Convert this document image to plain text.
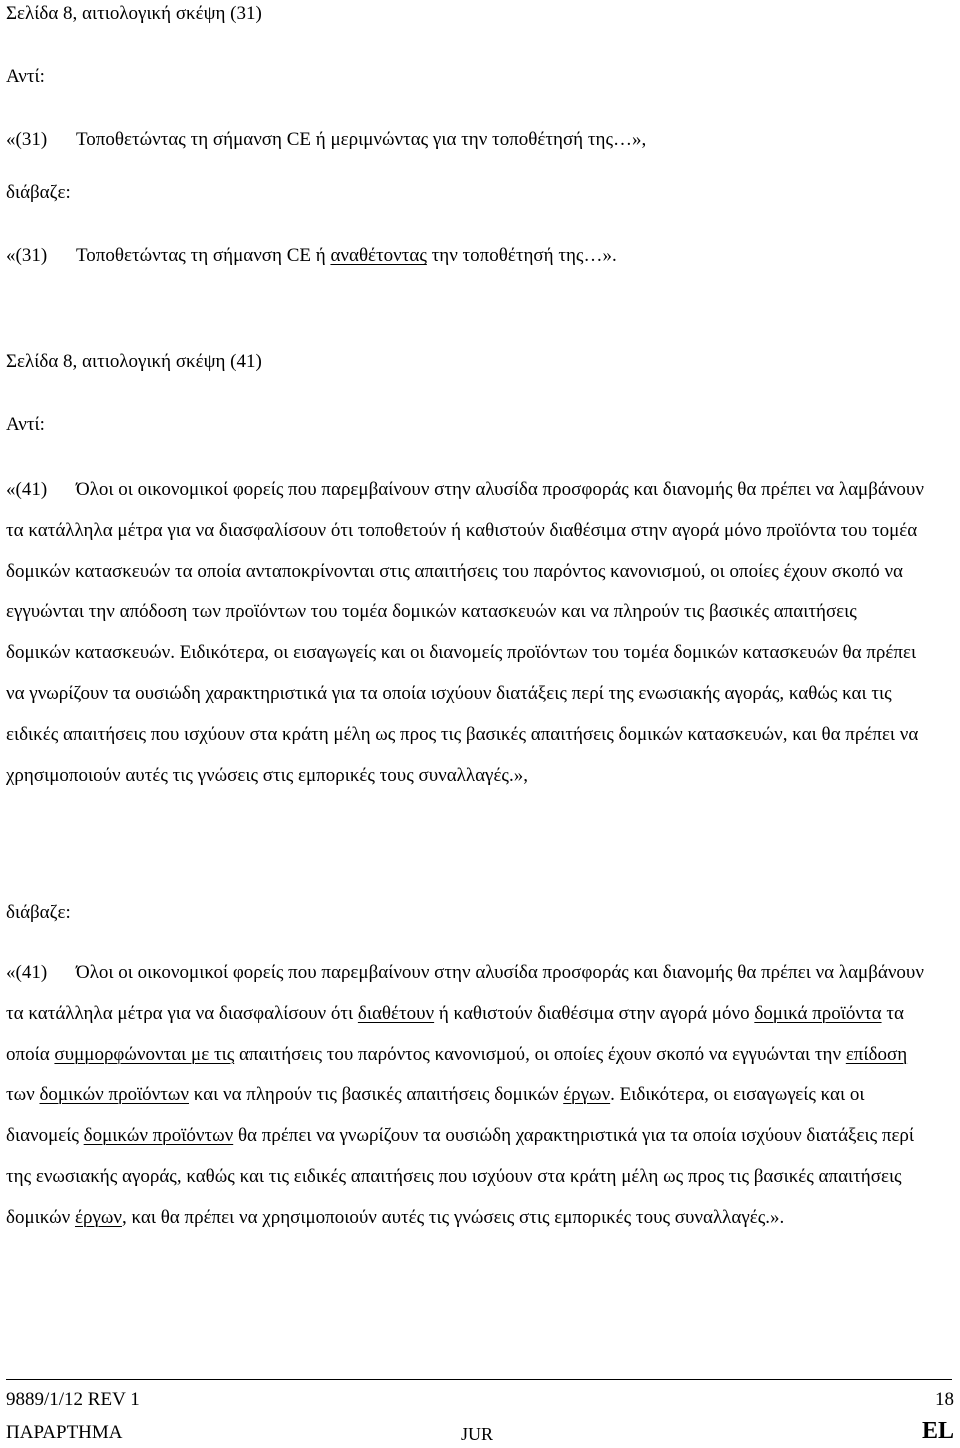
Σελίδα 8, αιτιολογική σκέψη (31)
Αντί:
«(31) Τοποθετώντας τη σήμανση CE ή μεριμνώντας για την τοποθέτησή της…»,
διάβαζε:
«(31) Τοποθετώντας τη σήμανση CE ή αναθέτοντας την τοποθέτησή της…».
Σελίδα 8, αιτιολογική σκέψη (41)
Αντί:
«(41) Όλοι οι οικονομικοί φορείς που παρεμβαίνουν στην αλυσίδα προσφοράς και διανομής θα πρέπει να λαμβάνουν τα κατάλληλα μέτρα για να διασφαλίσουν ότι τοποθετούν ή καθιστούν διαθέσιμα στην αγορά μόνο προϊόντα του τομέα δομικών κατασκευών τα οποία ανταποκρίνονται στις απαιτήσεις του παρόντος κανονισμού, οι οποίες έχουν σκοπό να εγγυώνται την απόδοση των προϊόντων του τομέα δομικών κατασκευών και να πληρούν τις βασικές απαιτήσεις δομικών κατασκευών. Ειδικότερα, οι εισαγωγείς και οι διανομείς προϊόντων του τομέα δομικών κατασκευών θα πρέπει να γνωρίζουν τα ουσιώδη χαρακτηριστικά για τα οποία ισχύουν διατάξεις περί της ενωσιακής αγοράς, καθώς και τις ειδικές απαιτήσεις που ισχύουν στα κράτη μέλη ως προς τις βασικές απαιτήσεις δομικών κατασκευών, και θα πρέπει να χρησιμοποιούν αυτές τις γνώσεις στις εμπορικές τους συναλλαγές.»,
διάβαζε:
«(41) Όλοι οι οικονομικοί φορείς που παρεμβαίνουν στην αλυσίδα προσφοράς και διανομής θα πρέπει να λαμβάνουν τα κατάλληλα μέτρα για να διασφαλίσουν ότι διαθέτουν ή καθιστούν διαθέσιμα στην αγορά μόνο δομικά προϊόντα τα οποία συμμορφώνονται με τις απαιτήσεις του παρόντος κανονισμού, οι οποίες έχουν σκοπό να εγγυώνται την επίδοση των δομικών προϊόντων και να πληρούν τις βασικές απαιτήσεις δομικών έργων. Ειδικότερα, οι εισαγωγείς και οι διανομείς δομικών προϊόντων θα πρέπει να γνωρίζουν τα ουσιώδη χαρακτηριστικά για τα οποία ισχύουν διατάξεις περί της ενωσιακής αγοράς, καθώς και τις ειδικές απαιτήσεις που ισχύουν στα κράτη μέλη ως προς τις βασικές απαιτήσεις δομικών έργων, και θα πρέπει να χρησιμοποιούν αυτές τις γνώσεις στις εμπορικές τους συναλλαγές.».
9889/1/12 REV 1	18
ΠΑΡΑΡΤΗΜΑ	JUR	EL
